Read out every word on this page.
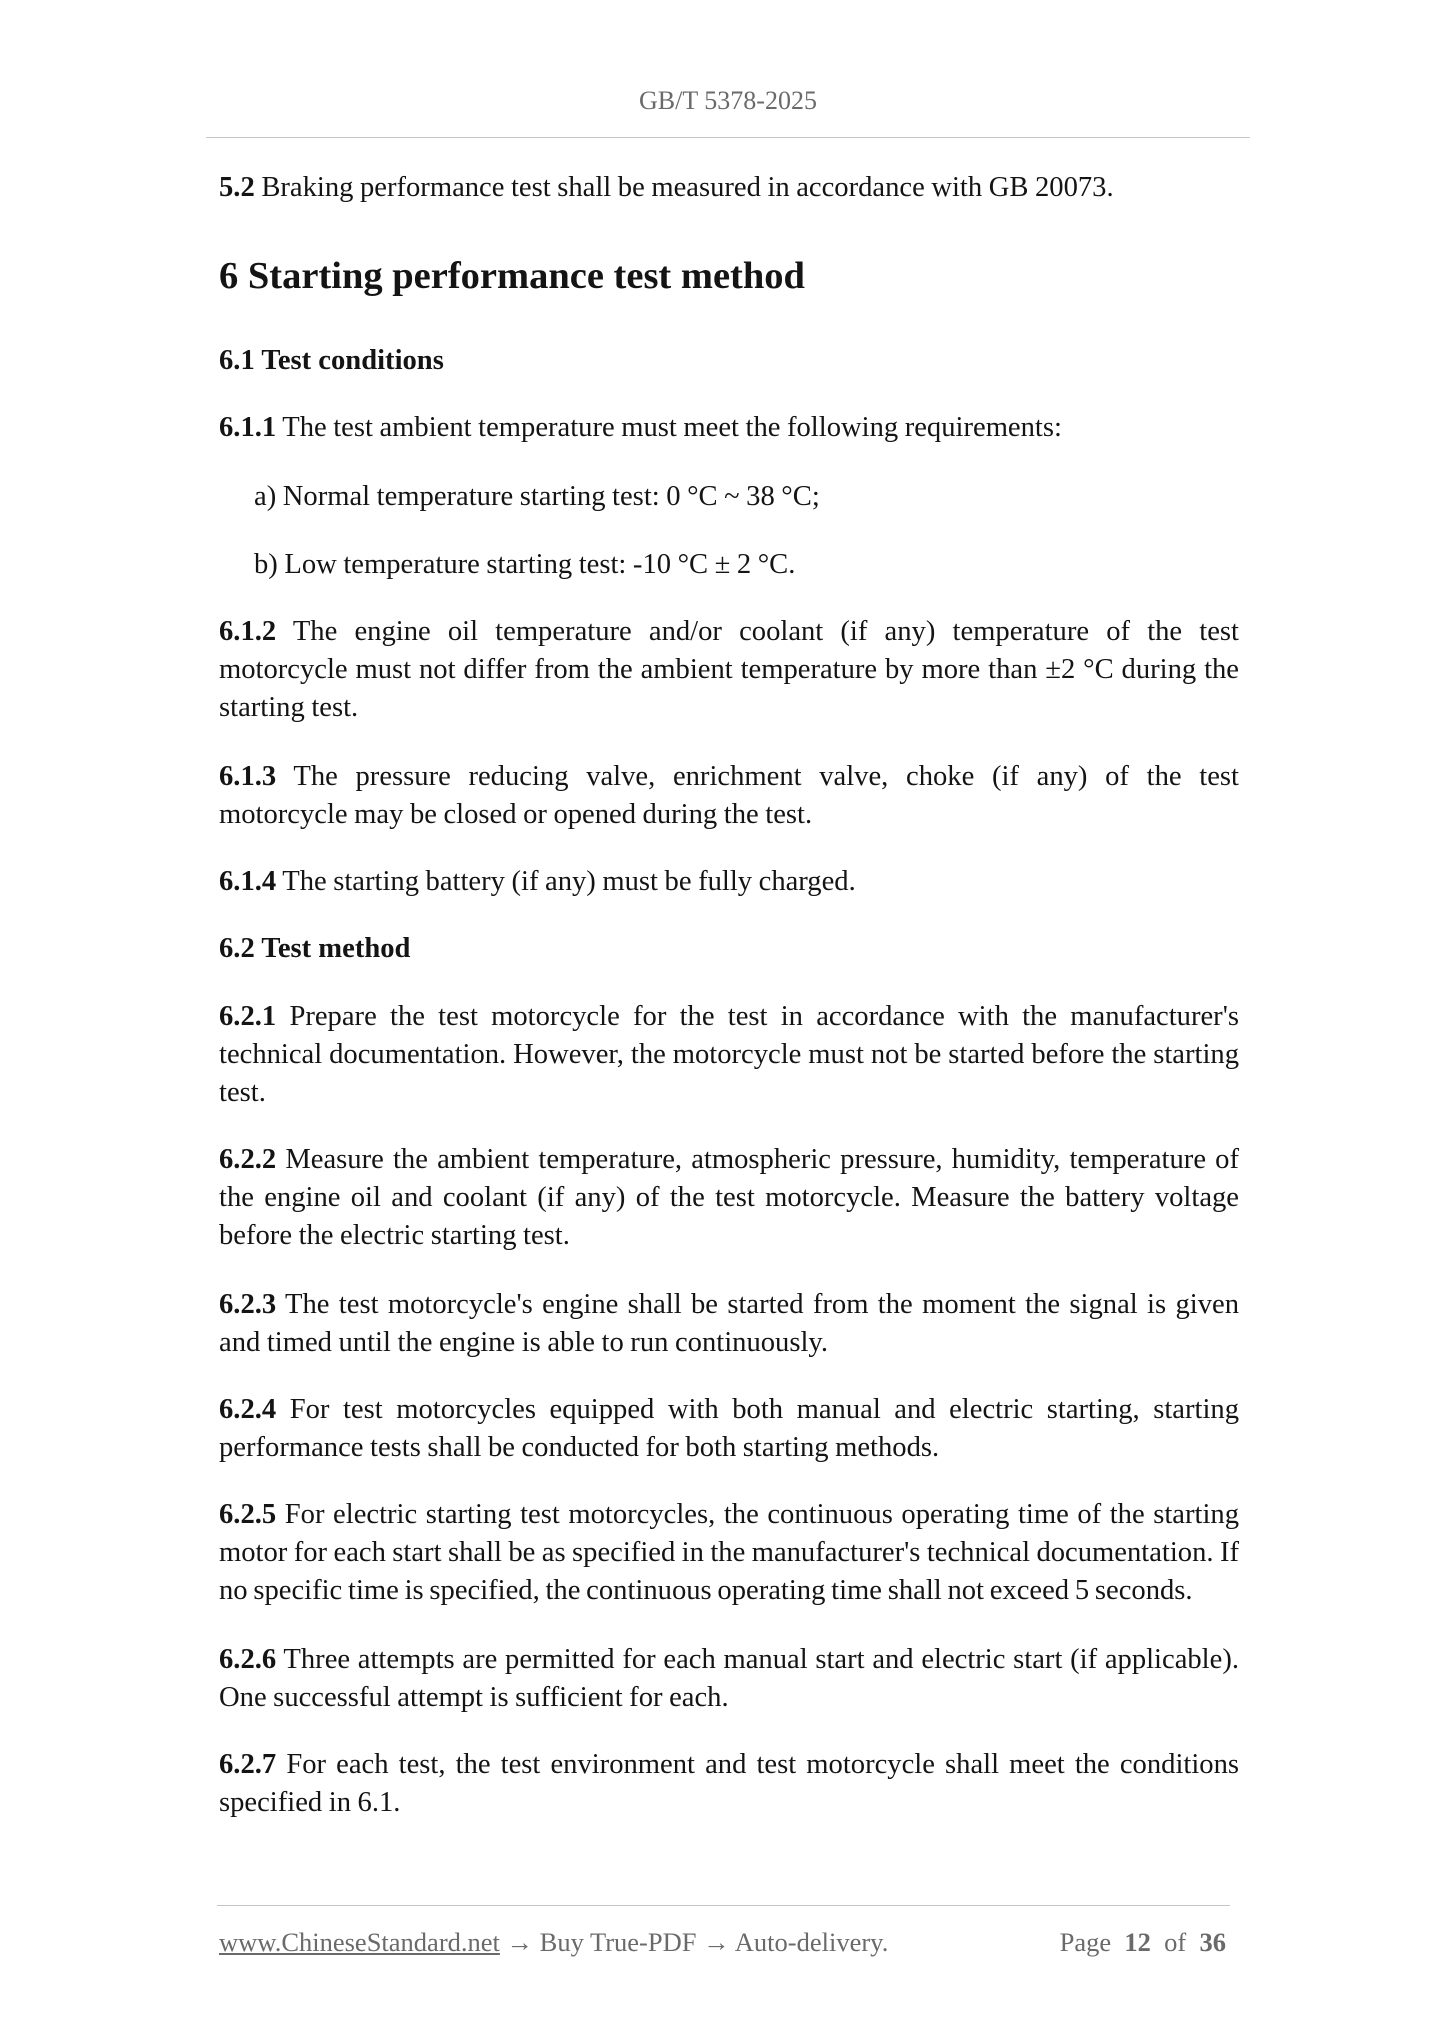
GB/T 5378-2025
5.2 Braking performance test shall be measured in accordance with GB 20073.
6 Starting performance test method
6.1 Test conditions
6.1.1 The test ambient temperature must meet the following requirements:
a) Normal temperature starting test: 0 °C ~ 38 °C;
b) Low temperature starting test: -10 °C ± 2 °C.
6.1.2 The engine oil temperature and/or coolant (if any) temperature of the test motorcycle must not differ from the ambient temperature by more than ±2 °C during the starting test.
6.1.3 The pressure reducing valve, enrichment valve, choke (if any) of the test motorcycle may be closed or opened during the test.
6.1.4 The starting battery (if any) must be fully charged.
6.2 Test method
6.2.1 Prepare the test motorcycle for the test in accordance with the manufacturer's technical documentation. However, the motorcycle must not be started before the starting test.
6.2.2 Measure the ambient temperature, atmospheric pressure, humidity, temperature of the engine oil and coolant (if any) of the test motorcycle. Measure the battery voltage before the electric starting test.
6.2.3 The test motorcycle's engine shall be started from the moment the signal is given and timed until the engine is able to run continuously.
6.2.4 For test motorcycles equipped with both manual and electric starting, starting performance tests shall be conducted for both starting methods.
6.2.5 For electric starting test motorcycles, the continuous operating time of the starting motor for each start shall be as specified in the manufacturer's technical documentation. If no specific time is specified, the continuous operating time shall not exceed 5 seconds.
6.2.6 Three attempts are permitted for each manual start and electric start (if applicable). One successful attempt is sufficient for each.
6.2.7 For each test, the test environment and test motorcycle shall meet the conditions specified in 6.1.
www.ChineseStandard.net → Buy True-PDF → Auto-delivery.	Page 12 of 36
